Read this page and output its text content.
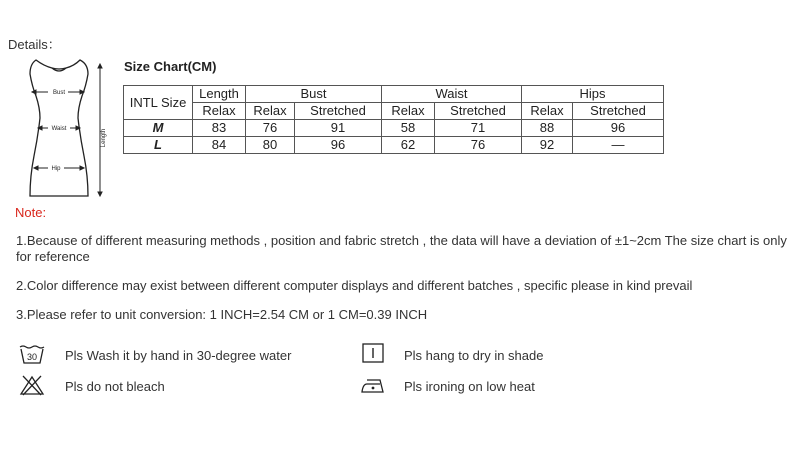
Details：
Bust
Waist
Hip
Length
Size Chart(CM)
INTL Size	Length	Bust		Waist		Hips	
	Relax	Relax	Stretched	Relax	Stretched	Relax	Stretched
M	83	76	91	58	71	88	96
L	84	80	96	62	76	92	—
Note:
1.Because of different measuring methods , position and fabric stretch , the data will have a deviation of ±1~2cm The size chart is only for reference
2.Color difference may exist between different computer displays and different batches , specific please in kind prevail
3.Please refer to unit conversion: 1 INCH=2.54 CM or 1 CM=0.39 INCH
30 Pls Wash it by hand in 30-degree water	Pls hang to dry in shade
Pls do not bleach	Pls ironing on low heat
